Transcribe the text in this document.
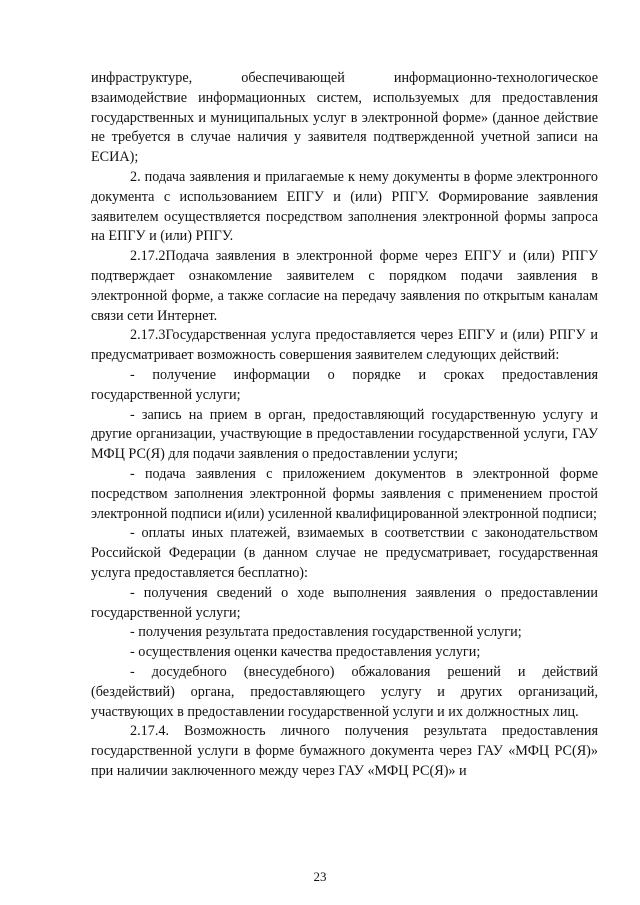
инфраструктуре, обеспечивающей информационно-технологическое взаимодействие информационных систем, используемых для предоставления государственных и муниципальных услуг в электронной форме» (данное действие не требуется в случае наличия у заявителя подтвержденной учетной записи на ЕСИА);

2. подача заявления и прилагаемые к нему документы в форме электронного документа с использованием ЕПГУ и (или) РПГУ. Формирование заявления заявителем осуществляется посредством заполнения электронной формы запроса на ЕПГУ и (или) РПГУ.

2.17.2Подача заявления в электронной форме через ЕПГУ и (или) РПГУ подтверждает ознакомление заявителем с порядком подачи заявления в электронной форме, а также согласие на передачу заявления по открытым каналам связи сети Интернет.

2.17.3Государственная услуга предоставляется через ЕПГУ и (или) РПГУ и предусматривает возможность совершения заявителем следующих действий:

- получение информации о порядке и сроках предоставления государственной услуги;

- запись на прием в орган, предоставляющий государственную услугу и другие организации, участвующие в предоставлении государственной услуги, ГАУ МФЦ РС(Я) для подачи заявления о предоставлении услуги;

- подача заявления с приложением документов в электронной форме посредством заполнения электронной формы заявления с применением простой электронной подписи и(или) усиленной квалифицированной электронной подписи;

- оплаты иных платежей, взимаемых в соответствии с законодательством Российской Федерации (в данном случае не предусматривает, государственная услуга предоставляется бесплатно):

- получения сведений о ходе выполнения заявления о предоставлении государственной услуги;

- получения результата предоставления государственной услуги;

- осуществления оценки качества предоставления услуги;

- досудебного (внесудебного) обжалования решений и действий (бездействий) органа, предоставляющего услугу и других организаций, участвующих в предоставлении государственной услуги и их должностных лиц.

2.17.4. Возможность личного получения результата предоставления государственной услуги в форме бумажного документа через ГАУ «МФЦ РС(Я)» при наличии заключенного между через ГАУ «МФЦ РС(Я)» и

23
